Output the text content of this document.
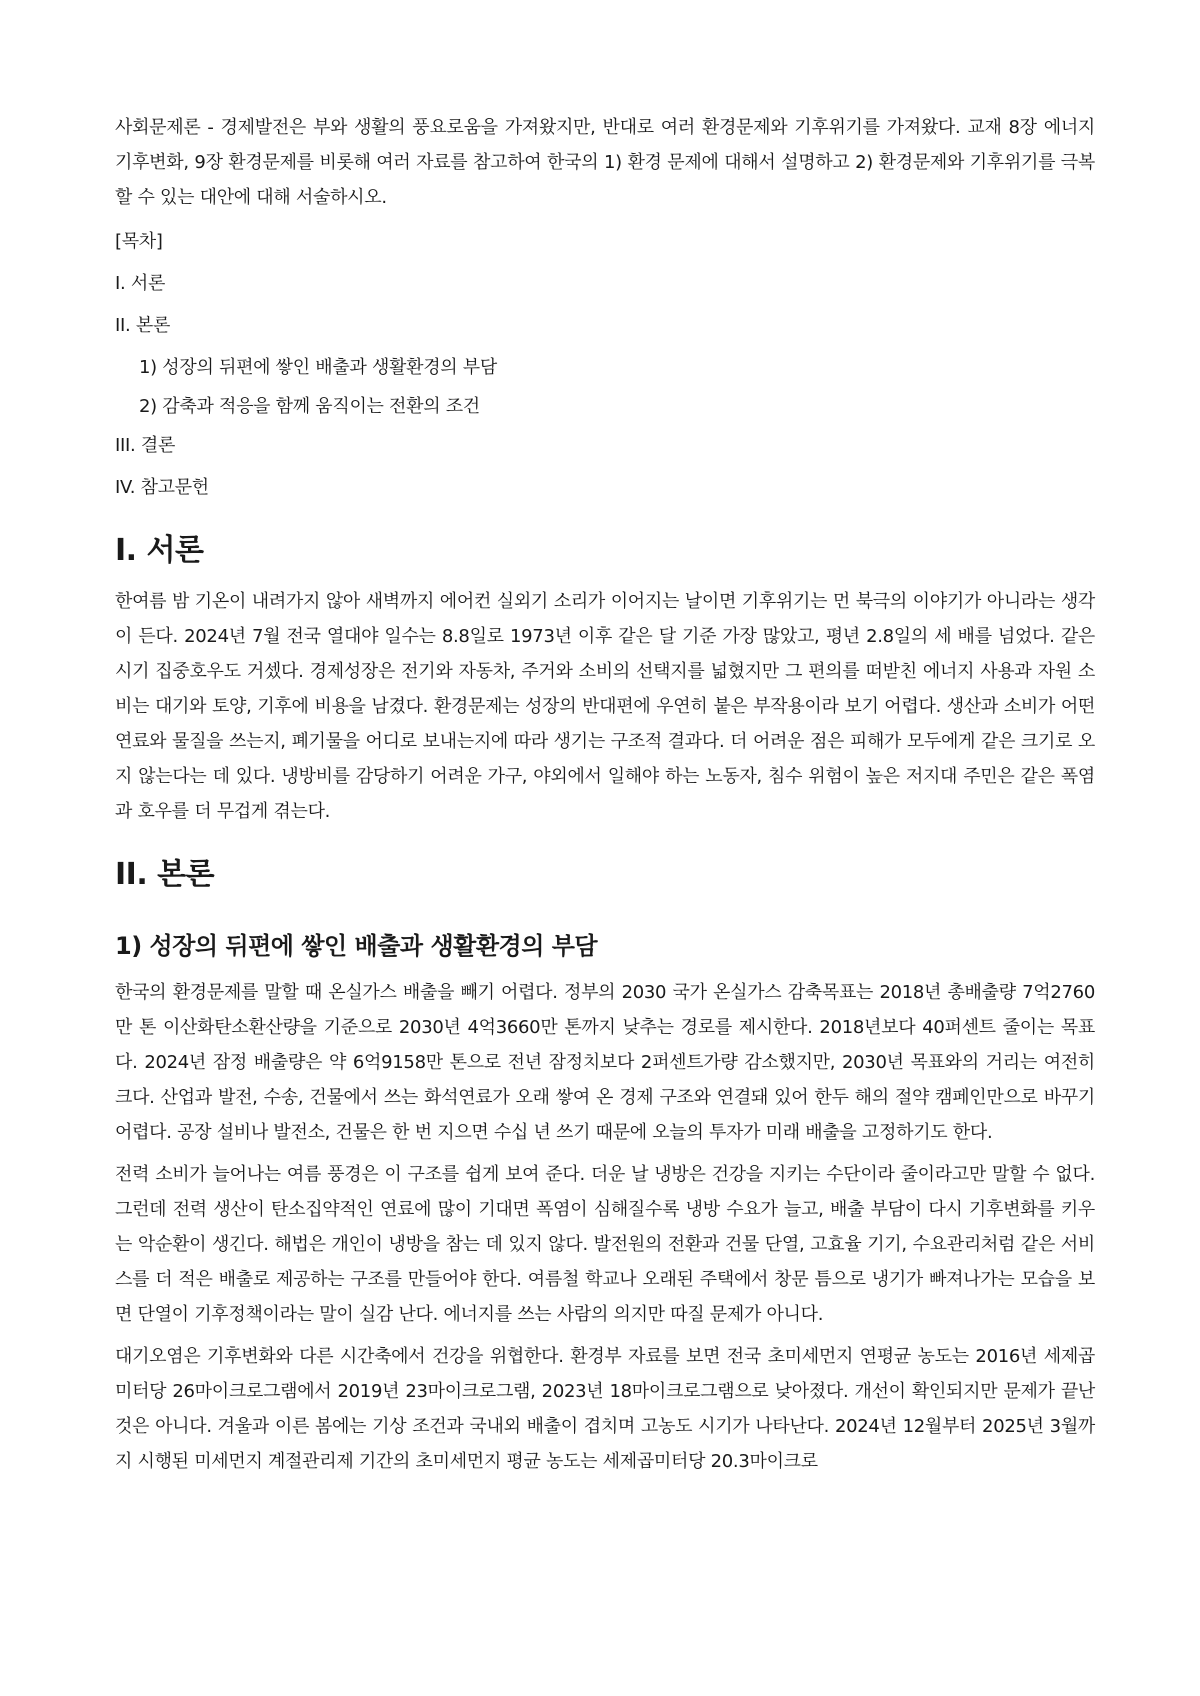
사회문제론 - 경제발전은 부와 생활의 풍요로움을 가져왔지만, 반대로 여러 환경문제와 기후위기를 가져왔다. 교재 8장 에너지 기후변화, 9장 환경문제를 비롯해 여러 자료를 참고하여 한국의 1) 환경 문제에 대해서 설명하고 2) 환경문제와 기후위기를 극복할 수 있는 대안에 대해 서술하시오.

[목차]

I. 서론

II. 본론

1) 성장의 뒤편에 쌓인 배출과 생활환경의 부담

2) 감축과 적응을 함께 움직이는 전환의 조건

III. 결론

IV. 참고문헌

I. 서론

한여름 밤 기온이 내려가지 않아 새벽까지 에어컨 실외기 소리가 이어지는 날이면 기후위기는 먼 북극의 이야기가 아니라는 생각이 든다. 2024년 7월 전국 열대야 일수는 8.8일로 1973년 이후 같은 달 기준 가장 많았고, 평년 2.8일의 세 배를 넘었다. 같은 시기 집중호우도 거셌다. 경제성장은 전기와 자동차, 주거와 소비의 선택지를 넓혔지만 그 편의를 떠받친 에너지 사용과 자원 소비는 대기와 토양, 기후에 비용을 남겼다. 환경문제는 성장의 반대편에 우연히 붙은 부작용이라 보기 어렵다. 생산과 소비가 어떤 연료와 물질을 쓰는지, 폐기물을 어디로 보내는지에 따라 생기는 구조적 결과다. 더 어려운 점은 피해가 모두에게 같은 크기로 오지 않는다는 데 있다. 냉방비를 감당하기 어려운 가구, 야외에서 일해야 하는 노동자, 침수 위험이 높은 저지대 주민은 같은 폭염과 호우를 더 무겁게 겪는다.

II. 본론
1) 성장의 뒤편에 쌓인 배출과 생활환경의 부담

한국의 환경문제를 말할 때 온실가스 배출을 빼기 어렵다. 정부의 2030 국가 온실가스 감축목표는 2018년 총배출량 7억2760만 톤 이산화탄소환산량을 기준으로 2030년 4억3660만 톤까지 낮추는 경로를 제시한다. 2018년보다 40퍼센트 줄이는 목표다. 2024년 잠정 배출량은 약 6억9158만 톤으로 전년 잠정치보다 2퍼센트가량 감소했지만, 2030년 목표와의 거리는 여전히 크다. 산업과 발전, 수송, 건물에서 쓰는 화석연료가 오래 쌓여 온 경제 구조와 연결돼 있어 한두 해의 절약 캠페인만으로 바꾸기 어렵다. 공장 설비나 발전소, 건물은 한 번 지으면 수십 년 쓰기 때문에 오늘의 투자가 미래 배출을 고정하기도 한다.

전력 소비가 늘어나는 여름 풍경은 이 구조를 쉽게 보여 준다. 더운 날 냉방은 건강을 지키는 수단이라 줄이라고만 말할 수 없다. 그런데 전력 생산이 탄소집약적인 연료에 많이 기대면 폭염이 심해질수록 냉방 수요가 늘고, 배출 부담이 다시 기후변화를 키우는 악순환이 생긴다. 해법은 개인이 냉방을 참는 데 있지 않다. 발전원의 전환과 건물 단열, 고효율 기기, 수요관리처럼 같은 서비스를 더 적은 배출로 제공하는 구조를 만들어야 한다. 여름철 학교나 오래된 주택에서 창문 틈으로 냉기가 빠져나가는 모습을 보면 단열이 기후정책이라는 말이 실감 난다. 에너지를 쓰는 사람의 의지만 따질 문제가 아니다.

대기오염은 기후변화와 다른 시간축에서 건강을 위협한다. 환경부 자료를 보면 전국 초미세먼지 연평균 농도는 2016년 세제곱미터당 26마이크로그램에서 2019년 23마이크로그램, 2023년 18마이크로그램으로 낮아졌다. 개선이 확인되지만 문제가 끝난 것은 아니다. 겨울과 이른 봄에는 기상 조건과 국내외 배출이 겹치며 고농도 시기가 나타난다. 2024년 12월부터 2025년 3월까지 시행된 미세먼지 계절관리제 기간의 초미세먼지 평균 농도는 세제곱미터당 20.3마이크로
